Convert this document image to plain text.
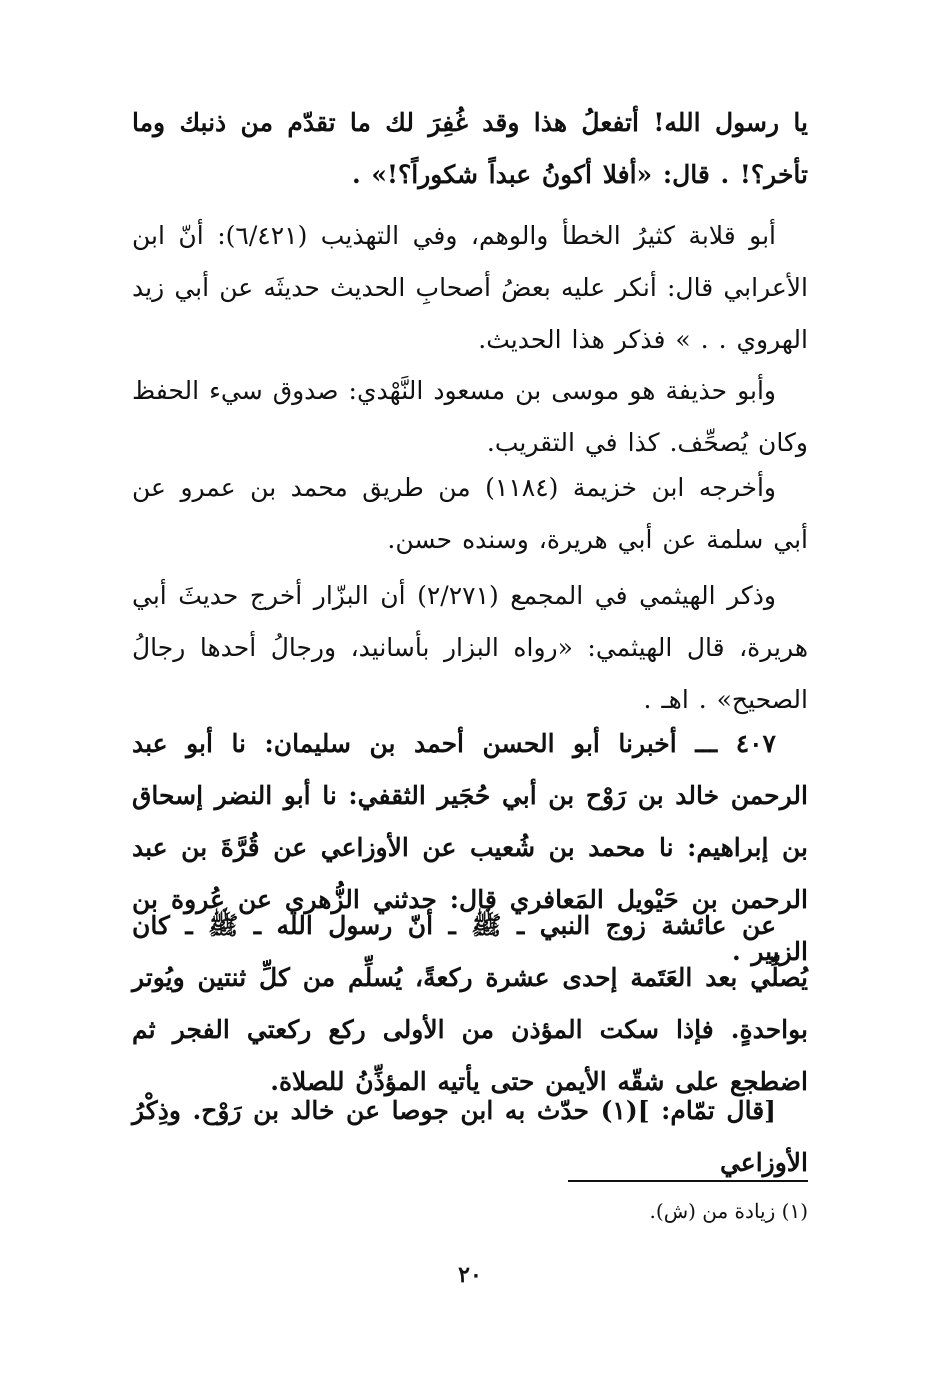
يا رسول الله! أتفعلُ هذا وقد غُفِرَ لك ما تقدّم من ذنبك وما تأخر؟! . قال: «أفلا أكونُ عبداً شكوراً؟!» .

أبو قلابة كثيرُ الخطأ والوهم، وفي التهذيب (٦/٤٢١): أنّ ابن الأعرابي قال: أنكر عليه بعضُ أصحابِ الحديث حديثَه عن أبي زيد الهروي . . » فذكر هذا الحديث.

وأبو حذيفة هو موسى بن مسعود النَّهْدي: صدوق سيء الحفظ وكان يُصحِّف. كذا في التقريب.

وأخرجه ابن خزيمة (١١٨٤) من طريق محمد بن عمرو عن أبي سلمة عن أبي هريرة، وسنده حسن.

وذكر الهيثمي في المجمع (٢/٢٧١) أن البزّار أخرج حديثَ أبي هريرة، قال الهيثمي: «رواه البزار بأسانيد، ورجالُ أحدها رجالُ الصحيح» . اهـ .

٤٠٧ ـــ أخبرنا أبو الحسن أحمد بن سليمان: نا أبو عبد الرحمن خالد بن رَوْح بن أبي حُجَير الثقفي: نا أبو النضر إسحاق بن إبراهيم: نا محمد بن شُعيب عن الأوزاعي عن قُرَّةَ بن عبد الرحمن بن حَيْويل المَعافري قال: حدثني الزُّهري عن عُروة بن الزبير .

عن عائشة زوج النبي ـ ﷺ ـ أنّ رسول الله ـ ﷺ ـ كان يُصلِّي بعد العَتَمة إحدى عشرة ركعةً، يُسلِّم من كلِّ ثنتين ويُوتر بواحدةٍ. فإذا سكت المؤذن من الأولى ركع ركعتي الفجر ثم اضطجع على شقّه الأيمن حتى يأتيه المؤذِّنُ للصلاة.

[قال تمّام: ](١) حدّث به ابن جوصا عن خالد بن رَوْح. وذِكْرُ الأوزاعي

(١) زيادة من (ش).
٢٠
